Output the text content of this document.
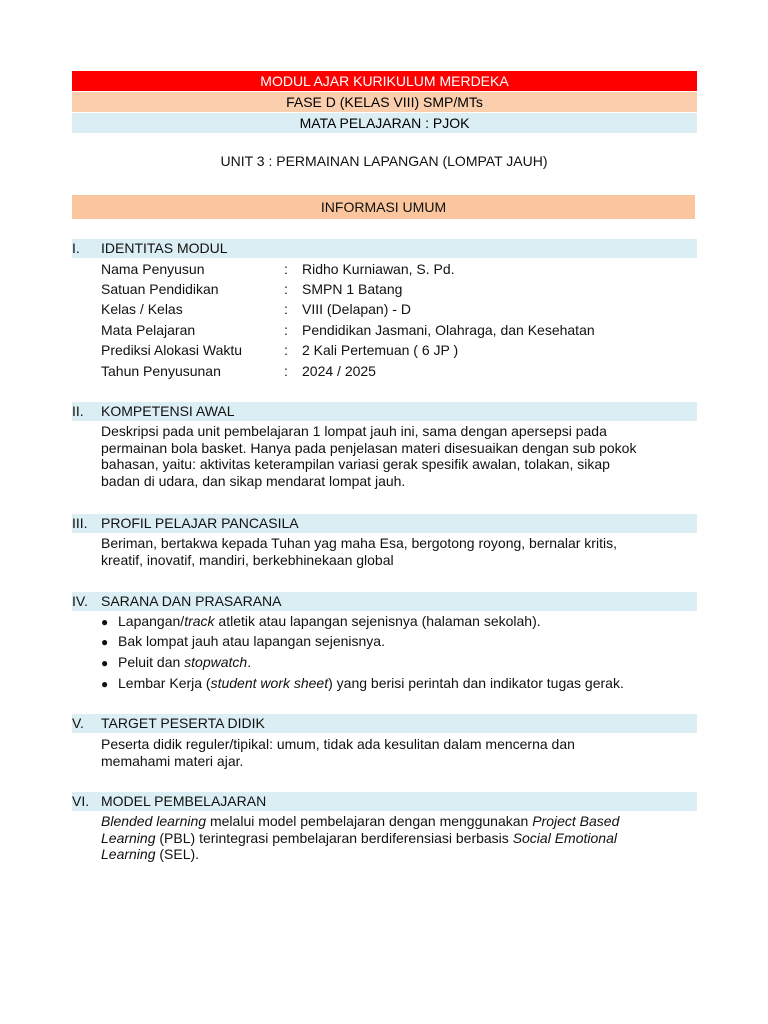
MODUL AJAR KURIKULUM MERDEKA
FASE D (KELAS VIII) SMP/MTs
MATA PELAJARAN : PJOK
UNIT 3 : PERMAINAN LAPANGAN (LOMPAT JAUH)
INFORMASI UMUM
I. IDENTITAS MODUL
Nama Penyusun	: Ridho Kurniawan, S. Pd.
Satuan Pendidikan	: SMPN 1 Batang
Kelas / Kelas	: VIII (Delapan) - D
Mata Pelajaran	: Pendidikan Jasmani, Olahraga, dan Kesehatan
Prediksi Alokasi Waktu	: 2 Kali Pertemuan ( 6 JP )
Tahun Penyusunan	: 2024 / 2025
II. KOMPETENSI AWAL
Deskripsi pada unit pembelajaran 1 lompat jauh ini, sama dengan apersepsi pada
permainan bola basket. Hanya pada penjelasan materi disesuaikan dengan sub pokok
bahasan, yaitu: aktivitas keterampilan variasi gerak spesifik awalan, tolakan, sikap
badan di udara, dan sikap mendarat lompat jauh.
III. PROFIL PELAJAR PANCASILA
Beriman, bertakwa kepada Tuhan yag maha Esa, bergotong royong, bernalar kritis,
kreatif, inovatif, mandiri, berkebhinekaan global
IV. SARANA DAN PRASARANA
● Lapangan/track atletik atau lapangan sejenisnya (halaman sekolah).
● Bak lompat jauh atau lapangan sejenisnya.
● Peluit dan stopwatch.
● Lembar Kerja (student work sheet) yang berisi perintah dan indikator tugas gerak.
V. TARGET PESERTA DIDIK
Peserta didik reguler/tipikal: umum, tidak ada kesulitan dalam mencerna dan
memahami materi ajar.
VI. MODEL PEMBELAJARAN
Blended learning melalui model pembelajaran dengan menggunakan Project Based
Learning (PBL) terintegrasi pembelajaran berdiferensiasi berbasis Social Emotional
Learning (SEL).
